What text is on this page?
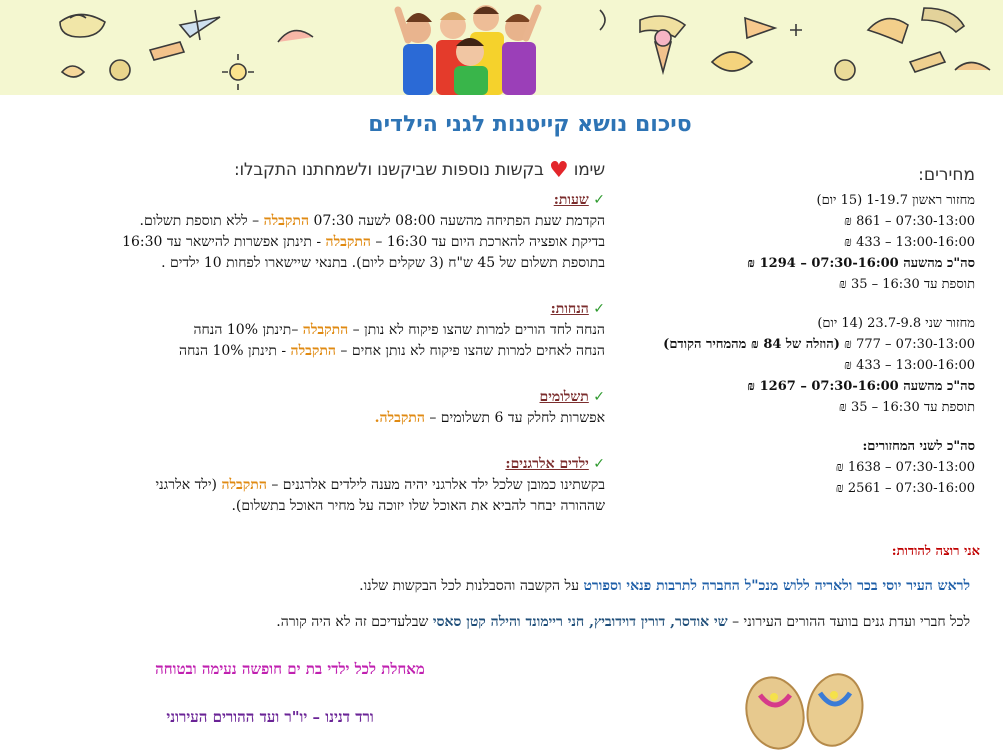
סיכום נושא קייטנות לגני הילדים
שימו ♥ בקשות נוספות שביקשנו ולשמחתנו התקבלו:
✓ שעות:
הקדמת שעת הפתיחה מהשעה 08:00 לשעה 07:30 התקבלה – ללא תוספת תשלום.
בדיקת אופציה להארכת היום עד 16:30 – התקבלה - תינתן אפשרות להישאר עד 16:30
בתוספת תשלום של 45 ש"ח (3 שקלים ליום). בתנאי שיישארו לפחות 10 ילדים .
✓ הנחות:
הנחה לחד הורים למרות שהצו פיקוח לא נותן – התקבלה –תינתן 10% הנחה
הנחה לאחים למרות שהצו פיקוח לא נותן אחים – התקבלה - תינתן 10% הנחה
✓ תשלומים
אפשרות לחלק עד 6 תשלומים – התקבלה.
✓ ילדים אלרגנים:
בקשתינו כמובן שלכל ילד אלרגני יהיה מענה לילדים אלרגנים – התקבלה (ילד אלרגני
שההורה יבחר להביא את האוכל שלו יזוכה על מחיר האוכל בתשלום).
מחירים:
מחזור ראשון 1-19.7 (15 יום)
07:30-13:00 – 861 ₪
13:00-16:00 – 433 ₪
סה"כ מהשעה 07:30-16:00 – 1294 ₪
תוספת עד 16:30 – 35 ₪
מחזור שני 23.7-9.8 (14 יום)
07:30-13:00 – 777 ₪ (הוזלה של 84 ₪ מהמחיר הקודם)
13:00-16:00 – 433 ₪
סה"כ מהשעה 07:30-16:00 – 1267 ₪
תוספת עד 16:30 – 35 ₪
סה"כ לשני המחזורים:
07:30-13:00 – 1638 ₪
07:30-16:00 – 2561 ₪
אני רוצה להודות:
לראש העיר יוסי בכר ולאריה ללוש מנכ"ל החברה לתרבות פנאי וספורט על הקשבה והסבלנות לכל הבקשות שלנו.
לכל חברי ועדת גנים בוועד ההורים העירוני – שי אודסר, דורין דוידוביץ, חני ריימונד והילה קטן סאסי שבלעדיכם זה לא היה קורה.
מאחלת לכל ילדי בת ים חופשה נעימה ובטוחה
ורד דנינו – יו"ר ועד ההורים העירוני
